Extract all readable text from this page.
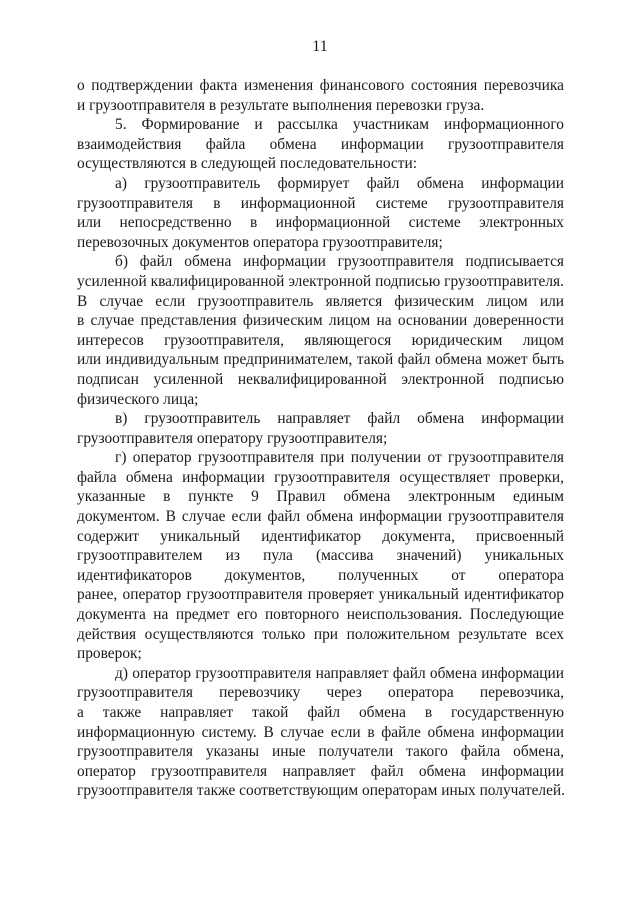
11
о подтверждении факта изменения финансового состояния перевозчика
и грузоотправителя в результате выполнения перевозки груза.
5. Формирование и рассылка участникам информационного
взаимодействия файла обмена информации грузоотправителя
осуществляются в следующей последовательности:
а) грузоотправитель формирует файл обмена информации
грузоотправителя в информационной системе грузоотправителя
или непосредственно в информационной системе электронных
перевозочных документов оператора грузоотправителя;
б) файл обмена информации грузоотправителя подписывается
усиленной квалифицированной электронной подписью грузоотправителя.
В случае если грузоотправитель является физическим лицом или
в случае представления физическим лицом на основании доверенности
интересов грузоотправителя, являющегося юридическим лицом
или индивидуальным предпринимателем, такой файл обмена может быть
подписан усиленной неквалифицированной электронной подписью
физического лица;
в) грузоотправитель направляет файл обмена информации
грузоотправителя оператору грузоотправителя;
г) оператор грузоотправителя при получении от грузоотправителя
файла обмена информации грузоотправителя осуществляет проверки,
указанные в пункте 9 Правил обмена электронным единым
документом. В случае если файл обмена информации грузоотправителя
содержит уникальный идентификатор документа, присвоенный
грузоотправителем из пула (массива значений) уникальных
идентификаторов документов, полученных от оператора
ранее, оператор грузоотправителя проверяет уникальный идентификатор
документа на предмет его повторного неиспользования. Последующие
действия осуществляются только при положительном результате всех
проверок;
д) оператор грузоотправителя направляет файл обмена информации
грузоотправителя перевозчику через оператора перевозчика,
а также направляет такой файл обмена в государственную
информационную систему. В случае если в файле обмена информации
грузоотправителя указаны иные получатели такого файла обмена,
оператор грузоотправителя направляет файл обмена информации
грузоотправителя также соответствующим операторам иных получателей.
